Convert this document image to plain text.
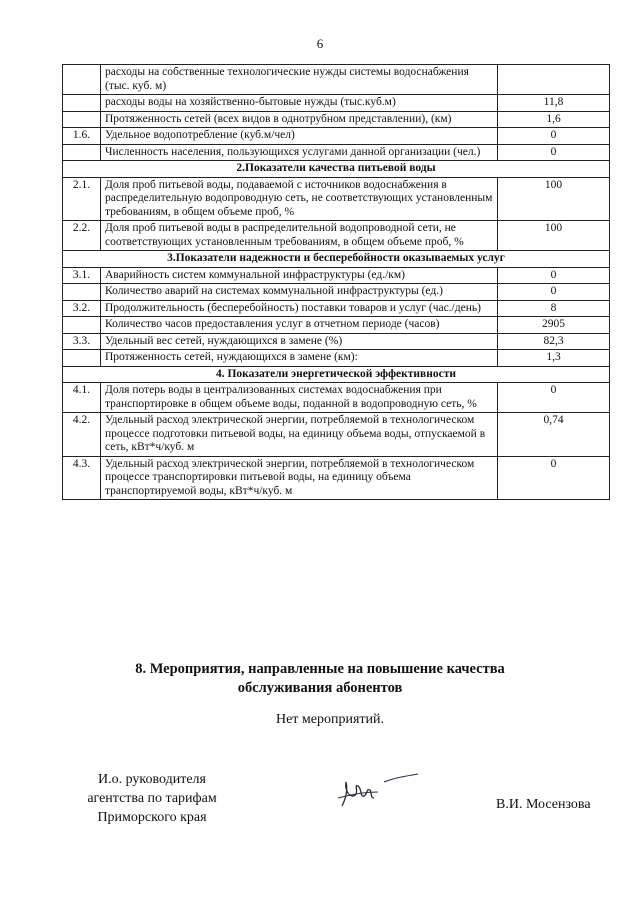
6
	расходы на собственные технологические нужды системы водоснабжения (тыс. куб. м)	
	расходы воды на хозяйственно-бытовые нужды (тыс.куб.м)	11,8
	Протяженность сетей (всех видов в однотрубном представлении), (км)	1,6
1.6.	Удельное водопотребление (куб.м/чел)	0
	Численность населения, пользующихся услугами данной организации (чел.)	0
2.Показатели качества питьевой воды		
2.1.	Доля проб питьевой воды, подаваемой с источников водоснабжения в распределительную водопроводную сеть, не соответствующих установленным требованиям, в общем объеме проб, %	100
2.2.	Доля проб питьевой воды в распределительной водопроводной сети, не соответствующих установленным требованиям, в общем объеме проб, %	100
3.Показатели надежности и бесперебойности оказываемых услуг		
3.1.	Аварийность систем коммунальной инфраструктуры (ед./км)	0
	Количество аварий на системах коммунальной инфраструктуры (ед.)	0
3.2.	Продолжительность (бесперебойность) поставки товаров и услуг (час./день)	8
	Количество часов предоставления услуг в отчетном периоде (часов)	2905
3.3.	Удельный вес сетей, нуждающихся в замене (%)	82,3
	Протяженность сетей, нуждающихся в замене (км):	1,3
4. Показатели энергетической эффективности		
4.1.	Доля потерь воды в централизованных системах водоснабжения при транспортировке в общем объеме воды, поданной в водопроводную сеть, %	0
4.2.	Удельный расход электрической энергии, потребляемой в технологическом процессе подготовки питьевой воды, на единицу объема воды, отпускаемой в сеть, кВт*ч/куб. м	0,74
4.3.	Удельный расход электрической энергии, потребляемой в технологическом процессе транспортировки питьевой воды, на единицу объема транспортируемой воды, кВт*ч/куб. м	0
8. Мероприятия, направленные на повышение качества
обслуживания абонентов
Нет мероприятий.
И.о. руководителя
агентства по тарифам
Приморского края
В.И. Мосензова
